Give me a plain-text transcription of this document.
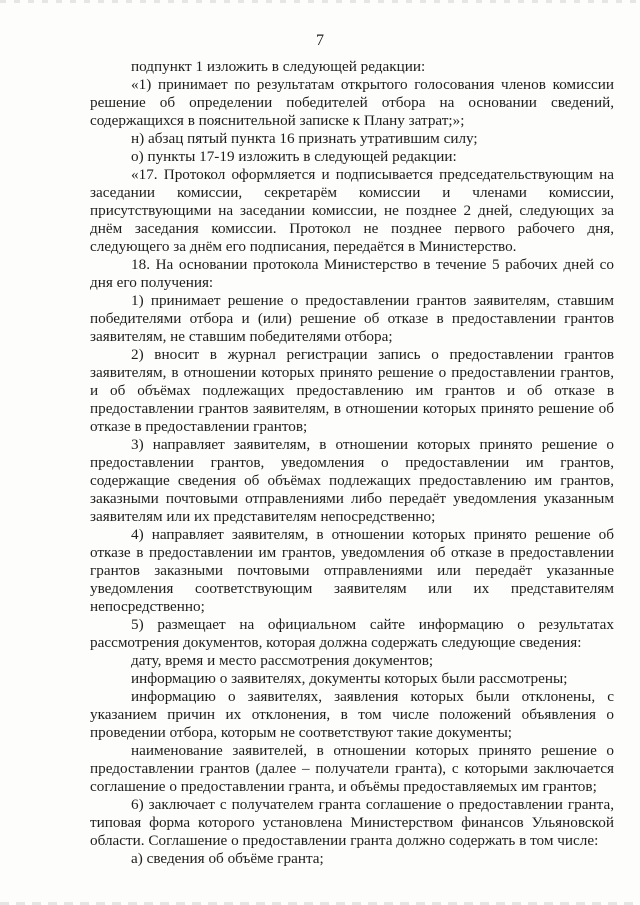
7

подпункт 1 изложить в следующей редакции:

«1) принимает по результатам открытого голосования членов комиссии решение об определении победителей отбора на основании сведений, содержащихся в пояснительной записке к Плану затрат;»;

н) абзац пятый пункта 16 признать утратившим силу;

о) пункты 17-19 изложить в следующей редакции:

«17. Протокол оформляется и подписывается председательствующим на заседании комиссии, секретарём комиссии и членами комиссии, присутствующими на заседании комиссии, не позднее 2 дней, следующих за днём заседания комиссии. Протокол не позднее первого рабочего дня, следующего за днём его подписания, передаётся в Министерство.

18. На основании протокола Министерство в течение 5 рабочих дней со дня его получения:

1) принимает решение о предоставлении грантов заявителям, ставшим победителями отбора и (или) решение об отказе в предоставлении грантов заявителям, не ставшим победителями отбора;

2) вносит в журнал регистрации запись о предоставлении грантов заявителям, в отношении которых принято решение о предоставлении грантов, и об объёмах подлежащих предоставлению им грантов и об отказе в предоставлении грантов заявителям, в отношении которых принято решение об отказе в предоставлении грантов;

3) направляет заявителям, в отношении которых принято решение о предоставлении грантов, уведомления о предоставлении им грантов, содержащие сведения об объёмах подлежащих предоставлению им грантов, заказными почтовыми отправлениями либо передаёт уведомления указанным заявителям или их представителям непосредственно;

4) направляет заявителям, в отношении которых принято решение об отказе в предоставлении им грантов, уведомления об отказе в предоставлении грантов заказными почтовыми отправлениями или передаёт указанные уведомления соответствующим заявителям или их представителям непосредственно;

5) размещает на официальном сайте информацию о результатах рассмотрения документов, которая должна содержать следующие сведения:

дату, время и место рассмотрения документов;

информацию о заявителях, документы которых были рассмотрены;

информацию о заявителях, заявления которых были отклонены, с указанием причин их отклонения, в том числе положений объявления о проведении отбора, которым не соответствуют такие документы;

наименование заявителей, в отношении которых принято решение о предоставлении грантов (далее – получатели гранта), с которыми заключается соглашение о предоставлении гранта, и объёмы предоставляемых им грантов;

6) заключает с получателем гранта соглашение о предоставлении гранта, типовая форма которого установлена Министерством финансов Ульяновской области. Соглашение о предоставлении гранта должно содержать в том числе:

а) сведения об объёме гранта;
